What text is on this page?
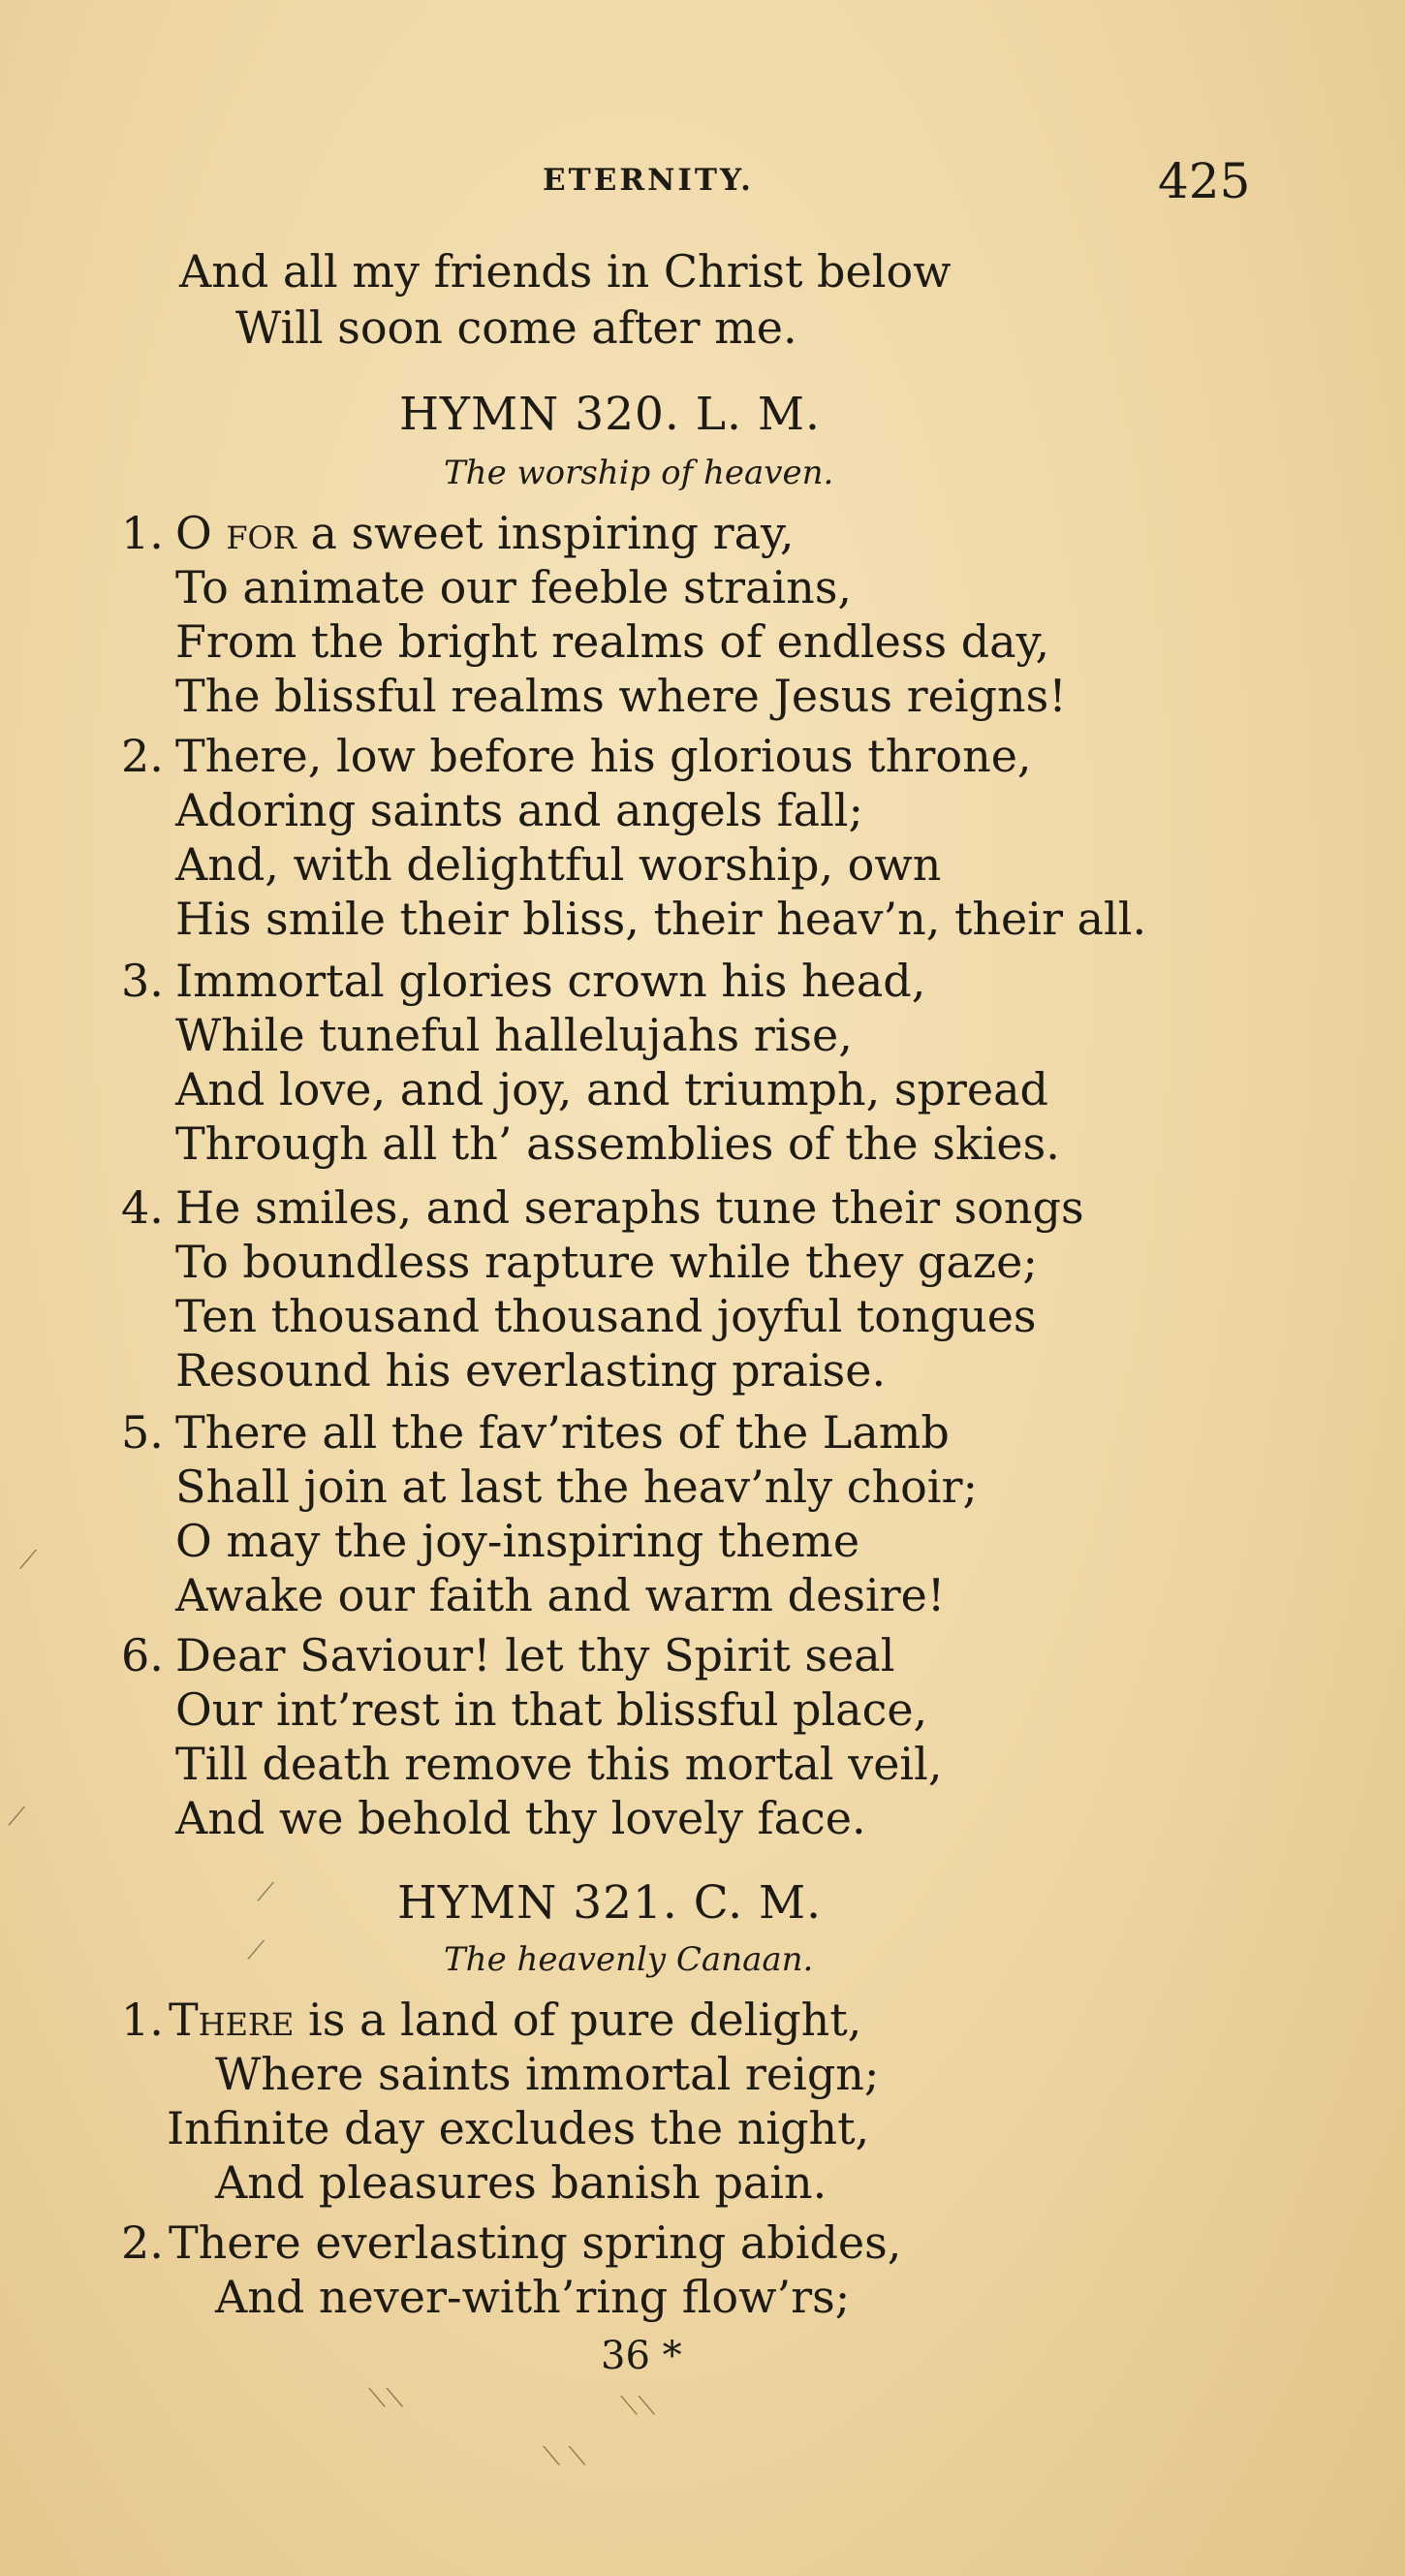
ETERNITY.	425
And all my friends in Christ below
Will soon come after me.
HYMN 320. L. M.
The worship of heaven.
1. O for a sweet inspiring ray,
To animate our feeble strains,
From the bright realms of endless day,
The blissful realms where Jesus reigns!
2. There, low before his glorious throne,
Adoring saints and angels fall;
And, with delightful worship, own
His smile their bliss, their heav’n, their all.
3. Immortal glories crown his head,
While tuneful hallelujahs rise,
And love, and joy, and triumph, spread
Through all th’ assemblies of the skies.
4. He smiles, and seraphs tune their songs
To boundless rapture while they gaze;
Ten thousand thousand joyful tongues
Resound his everlasting praise.
5. There all the fav’rites of the Lamb
Shall join at last the heav’nly choir;
O may the joy-inspiring theme
Awake our faith and warm desire!
6. Dear Saviour! let thy Spirit seal
Our int’rest in that blissful place,
Till death remove this mortal veil,
And we behold thy lovely face.
HYMN 321. C. M.
The heavenly Canaan.
1. There is a land of pure delight,
Where saints immortal reign;
Infinite day excludes the night,
And pleasures banish pain.
2. There everlasting spring abides,
And never-with’ring flow’rs;
36 *
⟋
⟋
⟋
⟋
⟍⟍	⟍⟍
⟍ ⟍
